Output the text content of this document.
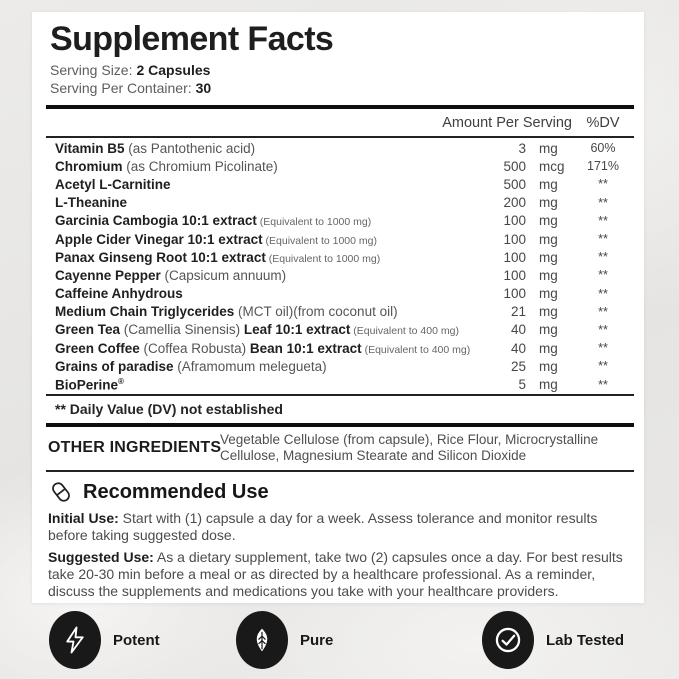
Supplement Facts
Serving Size: 2 Capsules
Serving Per Container: 30
Amount Per Serving %DV
Vitamin B5 (as Pantothenic acid)	3 mg	60%
Chromium (as Chromium Picolinate)	500 mcg	171%
Acetyl L-Carnitine	500 mg	**
L-Theanine	200 mg	**
Garcinia Cambogia 10:1 extract (Equivalent to 1000 mg)	100 mg	**
Apple Cider Vinegar 10:1 extract (Equivalent to 1000 mg)	100 mg	**
Panax Ginseng Root 10:1 extract (Equivalent to 1000 mg)	100 mg	**
Cayenne Pepper (Capsicum annuum)	100 mg	**
Caffeine Anhydrous	100 mg	**
Medium Chain Triglycerides (MCT oil)(from coconut oil)	21 mg	**
Green Tea (Camellia Sinensis) Leaf 10:1 extract (Equivalent to 400 mg)	40 mg	**
Green Coffee (Coffea Robusta) Bean 10:1 extract (Equivalent to 400 mg)	40 mg	**
Grains of paradise (Aframomum melegueta)	25 mg	**
BioPerine®	5 mg	**
** Daily Value (DV) not established
OTHER INGREDIENTS
Vegetable Cellulose (from capsule), Rice Flour, Microcrystalline Cellulose, Magnesium Stearate and Silicon Dioxide
Recommended Use

Initial Use: Start with (1) capsule a day for a week. Assess tolerance and monitor results before taking suggested dose.

Suggested Use: As a dietary supplement, take two (2) capsules once a day. For best results take 20-30 min before a meal or as directed by a healthcare professional. As a reminder, discuss the supplements and medications you take with your healthcare providers.

Potent	Pure	Lab Tested
